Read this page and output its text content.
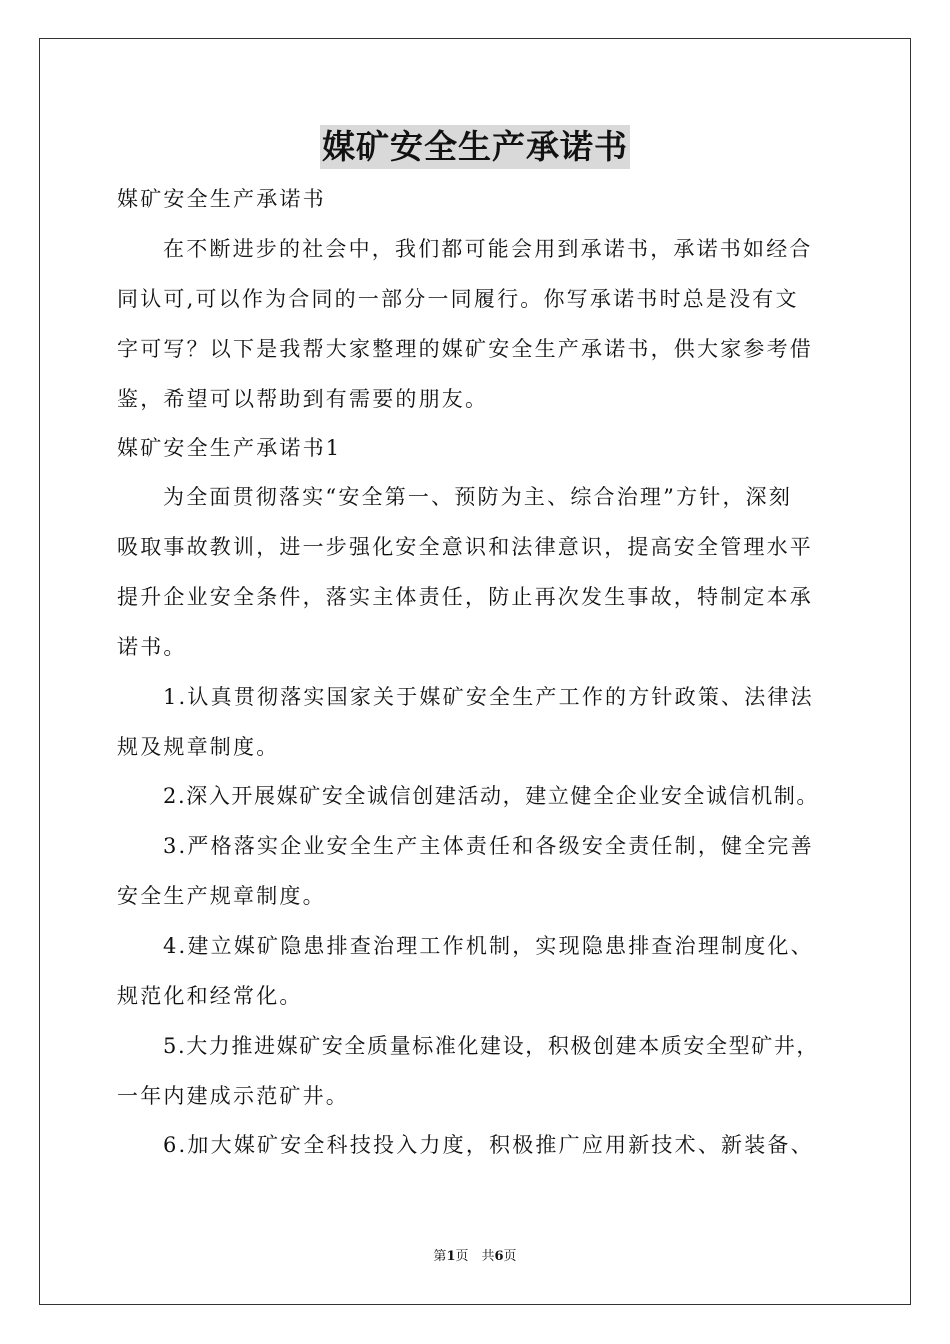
媒矿安全生产承诺书
媒矿安全生产承诺书
在不断进步的社会中，我们都可能会用到承诺书，承诺书如经合
同认可,可以作为合同的一部分一同履行。你写承诺书时总是没有文
字可写？以下是我帮大家整理的媒矿安全生产承诺书，供大家参考借
鉴，希望可以帮助到有需要的朋友。
媒矿安全生产承诺书1
为全面贯彻落实“安全第一、预防为主、综合治理”方针，深刻
吸取事故教训，进一步强化安全意识和法律意识，提高安全管理水平
提升企业安全条件，落实主体责任，防止再次发生事故，特制定本承
诺书。
1.认真贯彻落实国家关于媒矿安全生产工作的方针政策、法律法
规及规章制度。
2.深入开展媒矿安全诚信创建活动，建立健全企业安全诚信机制。
3.严格落实企业安全生产主体责任和各级安全责任制，健全完善
安全生产规章制度。
4.建立媒矿隐患排查治理工作机制，实现隐患排查治理制度化、
规范化和经常化。
5.大力推进媒矿安全质量标准化建设，积极创建本质安全型矿井，
一年内建成示范矿井。
6.加大媒矿安全科技投入力度，积极推广应用新技术、新装备、
第1页　共6页
